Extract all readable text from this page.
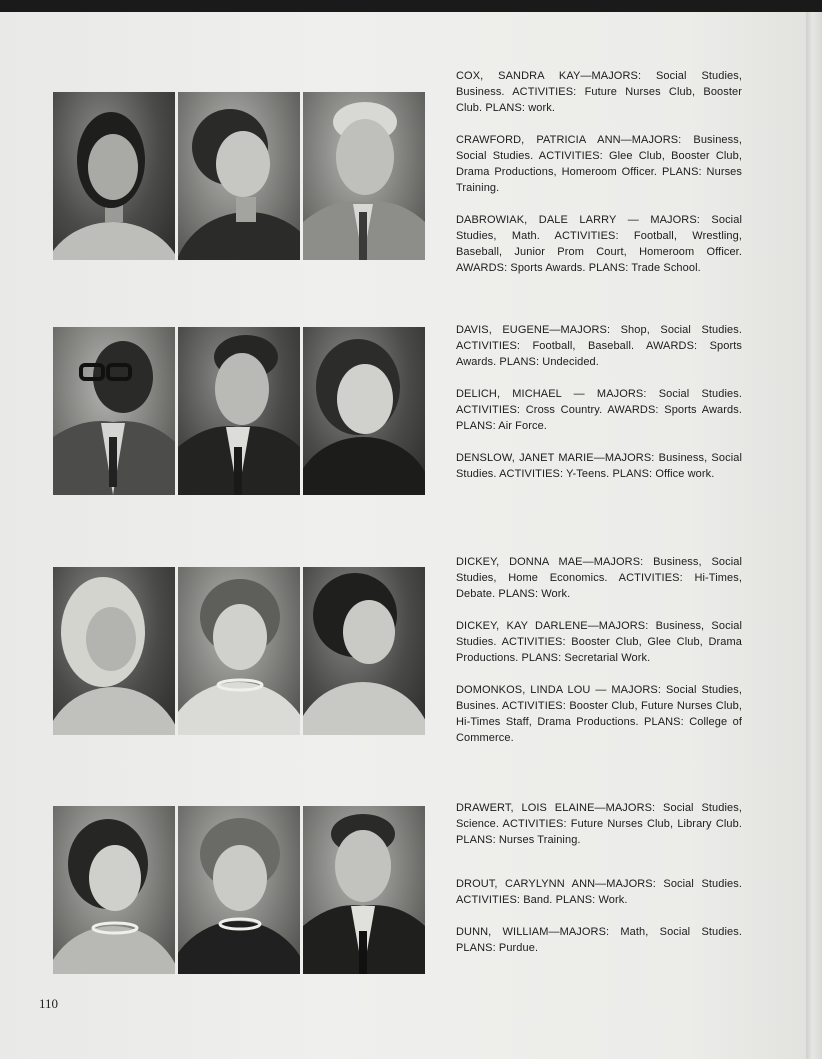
COX, SANDRA KAY—MAJORS: Social Studies, Business. ACTIVITIES: Future Nurses Club, Booster Club. PLANS: work.

CRAWFORD, PATRICIA ANN—MAJORS: Business, Social Studies. ACTIVITIES: Glee Club, Booster Club, Drama Productions, Homeroom Officer. PLANS: Nurses Training.

DABROWIAK, DALE LARRY — MAJORS: Social Studies, Math. ACTIVITIES: Football, Wrestling, Baseball, Junior Prom Court, Homeroom Officer. AWARDS: Sports Awards. PLANS: Trade School.

DAVIS, EUGENE—MAJORS: Shop, Social Studies. ACTIVITIES: Football, Baseball. AWARDS: Sports Awards. PLANS: Undecided.

DELICH, MICHAEL — MAJORS: Social Studies. ACTIVITIES: Cross Country. AWARDS: Sports Awards. PLANS: Air Force.

DENSLOW, JANET MARIE—MAJORS: Business, Social Studies. ACTIVITIES: Y-Teens. PLANS: Office work.

DICKEY, DONNA MAE—MAJORS: Business, Social Studies, Home Economics. ACTIVITIES: Hi-Times, Debate. PLANS: Work.

DICKEY, KAY DARLENE—MAJORS: Business, Social Studies. ACTIVITIES: Booster Club, Glee Club, Drama Productions. PLANS: Secretarial Work.

DOMONKOS, LINDA LOU — MAJORS: Social Studies, Busines. ACTIVITIES: Booster Club, Future Nurses Club, Hi-Times Staff, Drama Productions. PLANS: College of Commerce.

DRAWERT, LOIS ELAINE—MAJORS: Social Studies, Science. ACTIVITIES: Future Nurses Club, Library Club. PLANS: Nurses Training.

DROUT, CARYLYNN ANN—MAJORS: Social Studies. ACTIVITIES: Band. PLANS: Work.

DUNN, WILLIAM—MAJORS: Math, Social Studies. PLANS: Purdue.

110
